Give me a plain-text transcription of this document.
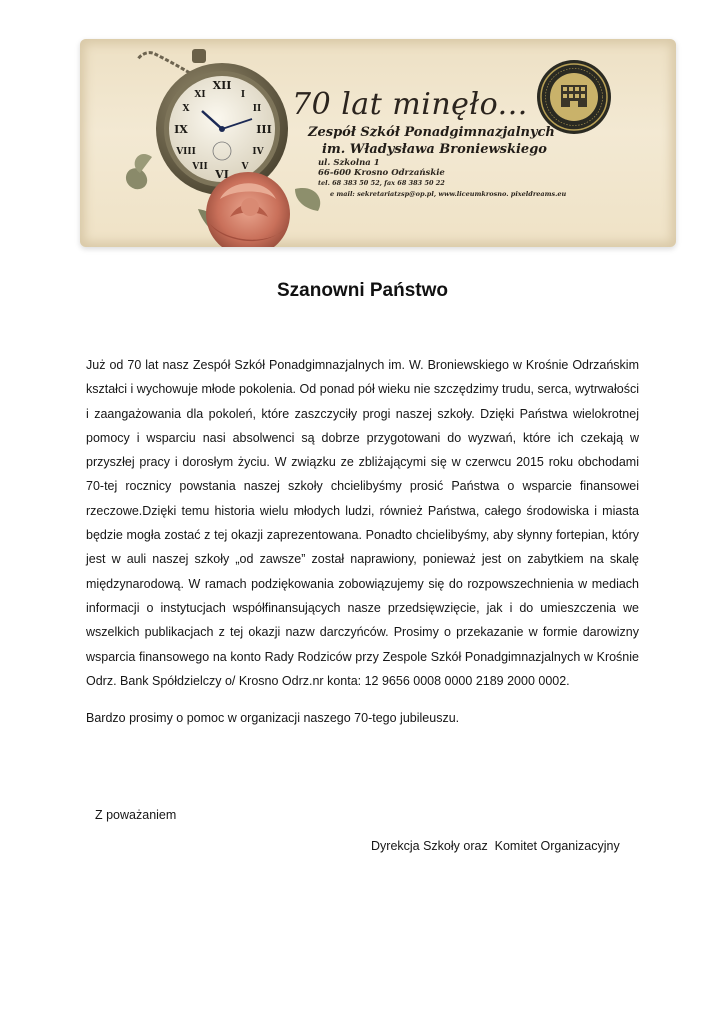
XII
III
VI
IX
I
II
IV
V
VII
VIII
X
XI	70 lat minęło...
Zespół Szkół Ponadgimnazjalnych
im. Władysława Broniewskiego
ul. Szkolna 1
66-600 Krosno Odrzańskie
tel. 68 383 50 52, fax 68 383 50 22
e mail: sekretariatzsp@op.pl, www.liceumkrosno. pixeldreams.eu
Szanowni Państwo

Już od 70 lat nasz Zespół Szkół Ponadgimnazjalnych im. W. Broniewskiego w Krośnie Odrzańskim kształci i wychowuje młode pokolenia. Od ponad pół wieku nie szczędzimy trudu, serca, wytrwałości i zaangażowania dla pokoleń, które zaszczyciły progi naszej szkoły. Dzięki Państwa wielokrotnej pomocy i wsparciu nasi absolwenci są dobrze przygotowani do wyzwań, które ich czekają w przyszłej pracy i dorosłym życiu. W związku ze zbliżającymi się w czerwcu 2015 roku obchodami 70-tej rocznicy powstania naszej szkoły chcielibyśmy prosić Państwa o wsparcie finansowei rzeczowe.Dzięki temu historia wielu młodych ludzi, również Państwa, całego środowiska i miasta będzie mogła zostać z tej okazji zaprezentowana. Ponadto chcielibyśmy, aby słynny fortepian, który jest w auli naszej szkoły „od zawsze” został naprawiony, ponieważ jest on zabytkiem na skalę międzynarodową. W ramach podziękowania zobowiązujemy się do rozpowszechnienia w mediach informacji o instytucjach współfinansujących nasze przedsięwzięcie, jak i do umieszczenia we wszelkich publikacjach z tej okazji nazw darczyńców. Prosimy o przekazanie w formie darowizny wsparcia finansowego na konto Rady Rodziców przy Zespole Szkół Ponadgimnazjalnych w Krośnie Odrz. Bank Spółdzielczy o/ Krosno Odrz.nr konta: 12 9656 0008 0000 2189 2000 0002.

Bardzo prosimy o pomoc w organizacji naszego 70-tego jubileuszu.

Z poważaniem

Dyrekcja Szkoły oraz  Komitet Organizacyjny
